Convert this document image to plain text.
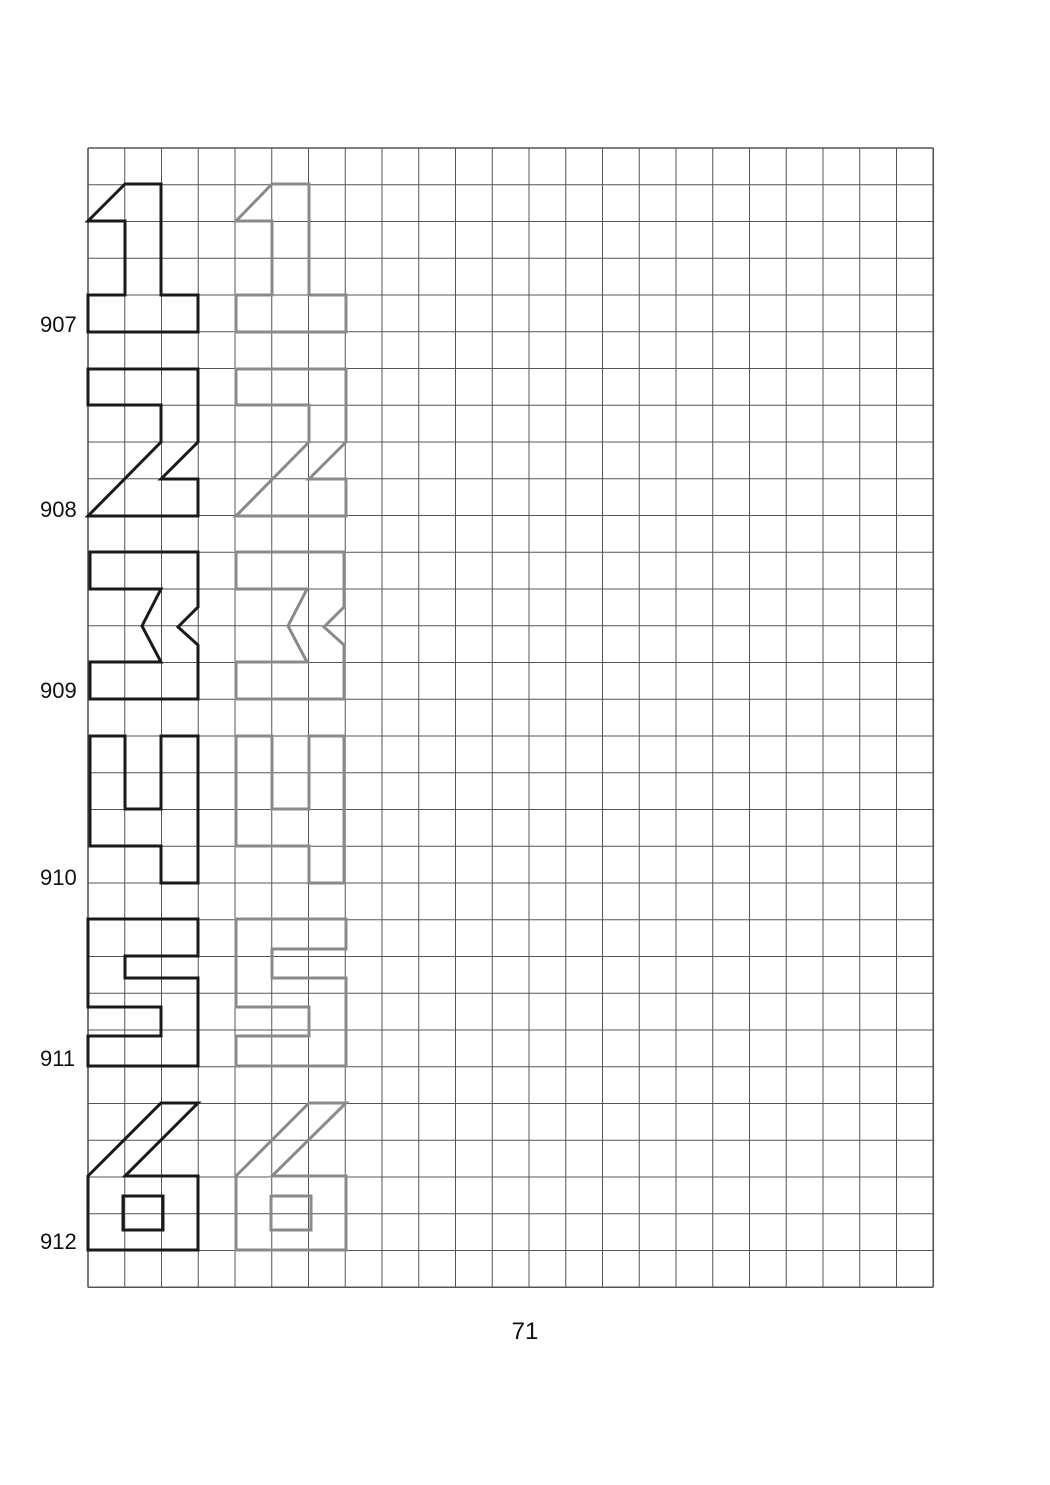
907
908
909
910
911
912
71
